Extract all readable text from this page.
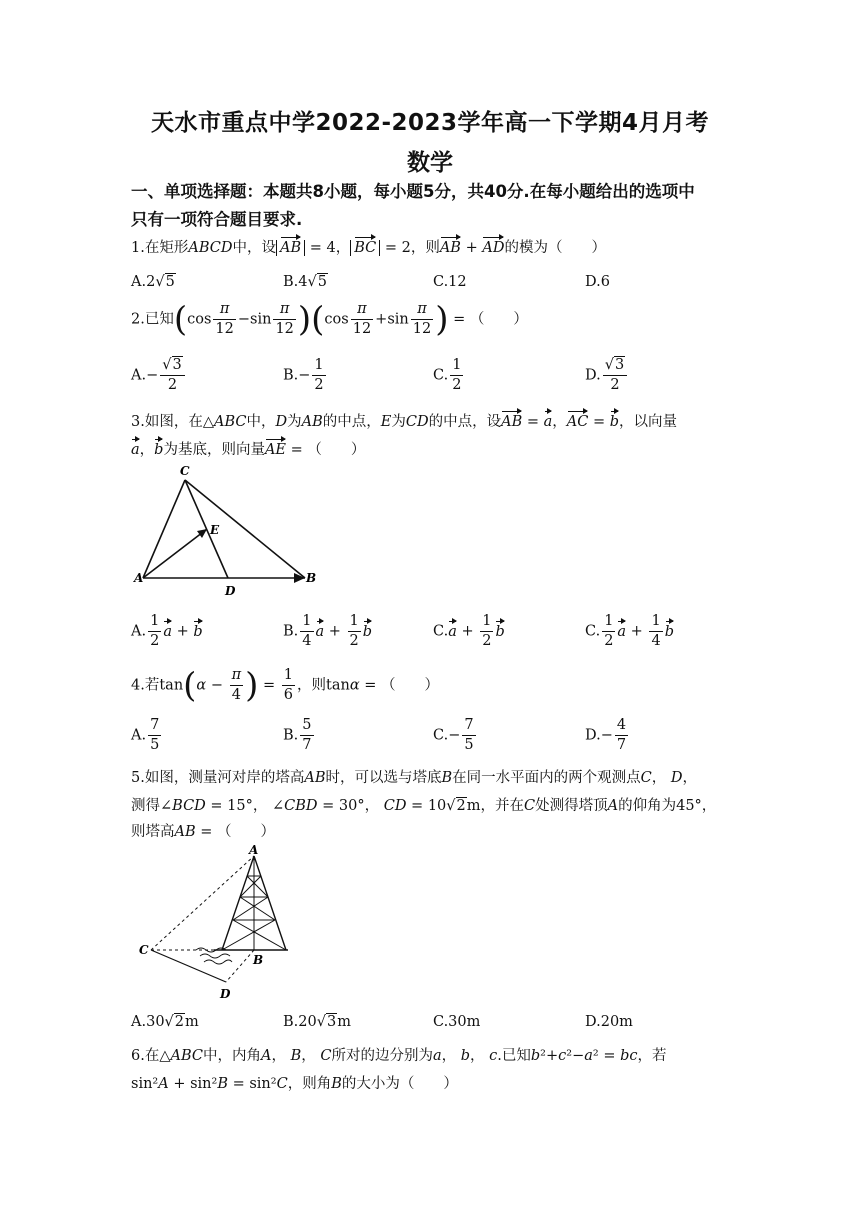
天水市重点中学2022-2023学年高一下学期4月月考
数学
一、单项选择题：本题共8小题，每小题5分，共40分.在每小题给出的选项中
只有一项符合题目要求.
1.在矩形ABCD中，设 AB = 4， BC = 2，则AB + AD的模为（　　）
A.2√5	B.4√5	C.12	D.6
2.已知$(\cos \frac{\pi}{12} -\sin \frac{\pi}{12} )(\cos \frac{\pi}{12} +\sin \frac{\pi}{12}$ ) = （　　）
$A.- \frac{√3}{2}$	$B.- \frac{1}{2}$	C. $\frac{1}{2}$	D. $\frac{√3}{2}$
3.如图，在△ABC中，D为AB的中点，E为CD的中点，设AB = a，AC = b，以向量
a，b为基底，则向量AE = （　　）
C
E
A
D
B
A. $\frac{1}{2}$ a + b	B. $\frac{1}{4}$ $a + \frac{1}{2}$ b	$C.a + \frac{1}{2}$ b	C. $\frac{1}{2}$ $a + \frac{1}{4}$ b
4.若$\tan(\alpha - \frac{\pi}{4}$ ) = $\frac{1}{6}$ ，则tanα = （　　）
A. $\frac{7}{5}$	B. $\frac{5}{7}$	$C.- \frac{7}{5}$	$D.- \frac{4}{7}$
5.如图，测量河对岸的塔高AB时，可以选与塔底B在同一水平面内的两个观测点C， D，
测得∠BCD = 15°， ∠CBD = 30°， CD = 10√2m，并在C处测得塔顶A的仰角为45°，
则塔高AB = （　　）
A
C
B
D
A.30√2m	B.20√3m	C.30m	D.20m
6.在△ABC中，内角A， B， C所对的边分别为a， b， c.已知b²+c²−a² = bc，若
sin²A + sin²B = sin²C，则角B的大小为（　　）
